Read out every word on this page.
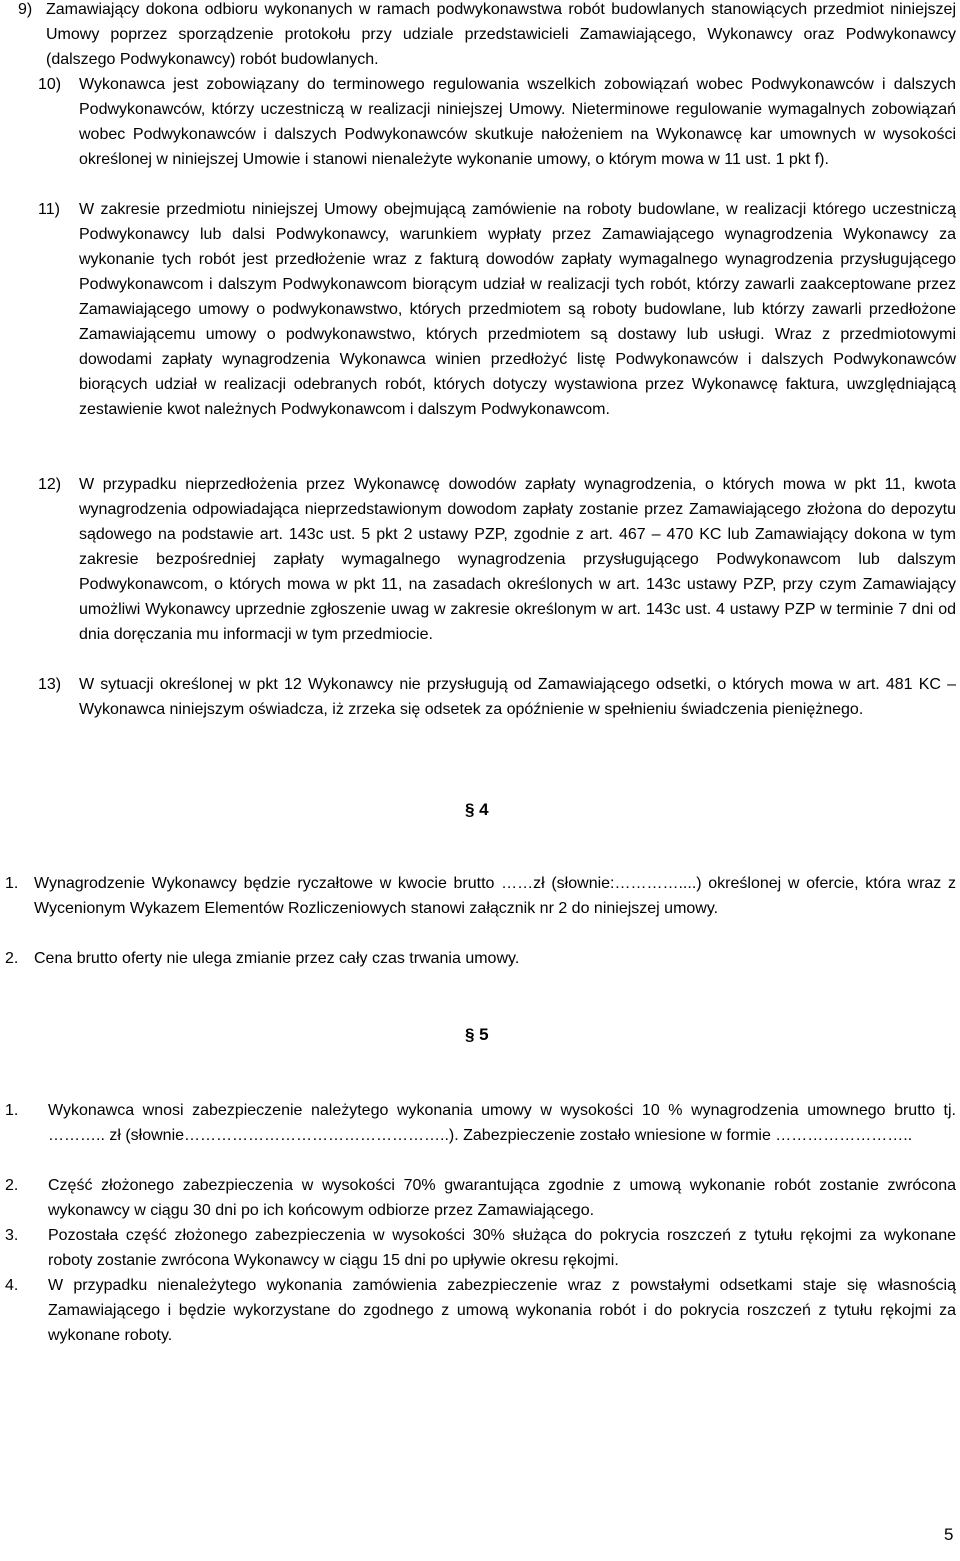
9) Zamawiający dokona odbioru wykonanych w ramach podwykonawstwa robót budowlanych stanowiących przedmiot niniejszej Umowy poprzez sporządzenie protokołu przy udziale przedstawicieli Zamawiającego, Wykonawcy oraz Podwykonawcy (dalszego Podwykonawcy) robót budowlanych.
10) Wykonawca jest zobowiązany do terminowego regulowania wszelkich zobowiązań wobec Podwykonawców i dalszych Podwykonawców, którzy uczestniczą w realizacji niniejszej Umowy. Nieterminowe regulowanie wymagalnych zobowiązań wobec Podwykonawców i dalszych Podwykonawców skutkuje nałożeniem na Wykonawcę kar umownych w wysokości określonej w niniejszej Umowie i stanowi nienależyte wykonanie umowy, o którym mowa w 11 ust. 1 pkt f).
11) W zakresie przedmiotu niniejszej Umowy obejmującą zamówienie na roboty budowlane, w realizacji którego uczestniczą Podwykonawcy lub dalsi Podwykonawcy, warunkiem wypłaty przez Zamawiającego wynagrodzenia Wykonawcy za wykonanie tych robót jest przedłożenie wraz z fakturą dowodów zapłaty wymagalnego wynagrodzenia przysługującego Podwykonawcom i dalszym Podwykonawcom biorącym udział w realizacji tych robót, którzy zawarli zaakceptowane przez Zamawiającego umowy o podwykonawstwo, których przedmiotem są roboty budowlane, lub którzy zawarli przedłożone Zamawiającemu umowy o podwykonawstwo, których przedmiotem są dostawy lub usługi. Wraz z przedmiotowymi dowodami zapłaty wynagrodzenia Wykonawca winien przedłożyć listę Podwykonawców i dalszych Podwykonawców biorących udział w realizacji odebranych robót, których dotyczy wystawiona przez Wykonawcę faktura, uwzględniającą zestawienie kwot należnych Podwykonawcom i dalszym Podwykonawcom.
12) W przypadku nieprzedłożenia przez Wykonawcę dowodów zapłaty wynagrodzenia, o których mowa w pkt 11, kwota wynagrodzenia odpowiadająca nieprzedstawionym dowodom zapłaty zostanie przez Zamawiającego złożona do depozytu sądowego na podstawie art. 143c ust. 5 pkt 2 ustawy PZP, zgodnie z art. 467 – 470 KC lub Zamawiający dokona w tym zakresie bezpośredniej zapłaty wymagalnego wynagrodzenia przysługującego Podwykonawcom lub dalszym Podwykonawcom, o których mowa w pkt 11, na zasadach określonych w art. 143c ustawy PZP, przy czym Zamawiający umożliwi Wykonawcy uprzednie zgłoszenie uwag w zakresie określonym w art. 143c ust. 4 ustawy PZP w terminie 7 dni od dnia doręczania mu informacji w tym przedmiocie.
13) W sytuacji określonej w pkt 12 Wykonawcy nie przysługują od Zamawiającego odsetki, o których mowa w art. 481 KC – Wykonawca niniejszym oświadcza, iż zrzeka się odsetek za opóźnienie w spełnieniu świadczenia pieniężnego.
§ 4
1. Wynagrodzenie Wykonawcy będzie ryczałtowe w kwocie brutto ……zł (słownie:…………....) określonej w ofercie, która wraz z Wycenionym Wykazem Elementów Rozliczeniowych stanowi załącznik nr 2 do niniejszej umowy.
2. Cena brutto oferty nie ulega zmianie przez cały czas trwania umowy.
§ 5
1. Wykonawca wnosi zabezpieczenie należytego wykonania umowy w wysokości 10 % wynagrodzenia umownego brutto tj. ……….. zł (słownie…………………………………………..). Zabezpieczenie zostało wniesione w formie ……………………..
2. Część złożonego zabezpieczenia w wysokości 70% gwarantująca zgodnie z umową wykonanie robót zostanie zwrócona wykonawcy w ciągu 30 dni po ich końcowym odbiorze przez Zamawiającego.
3. Pozostała część złożonego zabezpieczenia w wysokości 30% służąca do pokrycia roszczeń z tytułu rękojmi za wykonane roboty zostanie zwrócona Wykonawcy w ciągu 15 dni po upływie okresu rękojmi.
4. W przypadku nienależytego wykonania zamówienia zabezpieczenie wraz z powstałymi odsetkami staje się własnością Zamawiającego i będzie wykorzystane do zgodnego z umową wykonania robót i do pokrycia roszczeń z tytułu rękojmi za wykonane roboty.
5
